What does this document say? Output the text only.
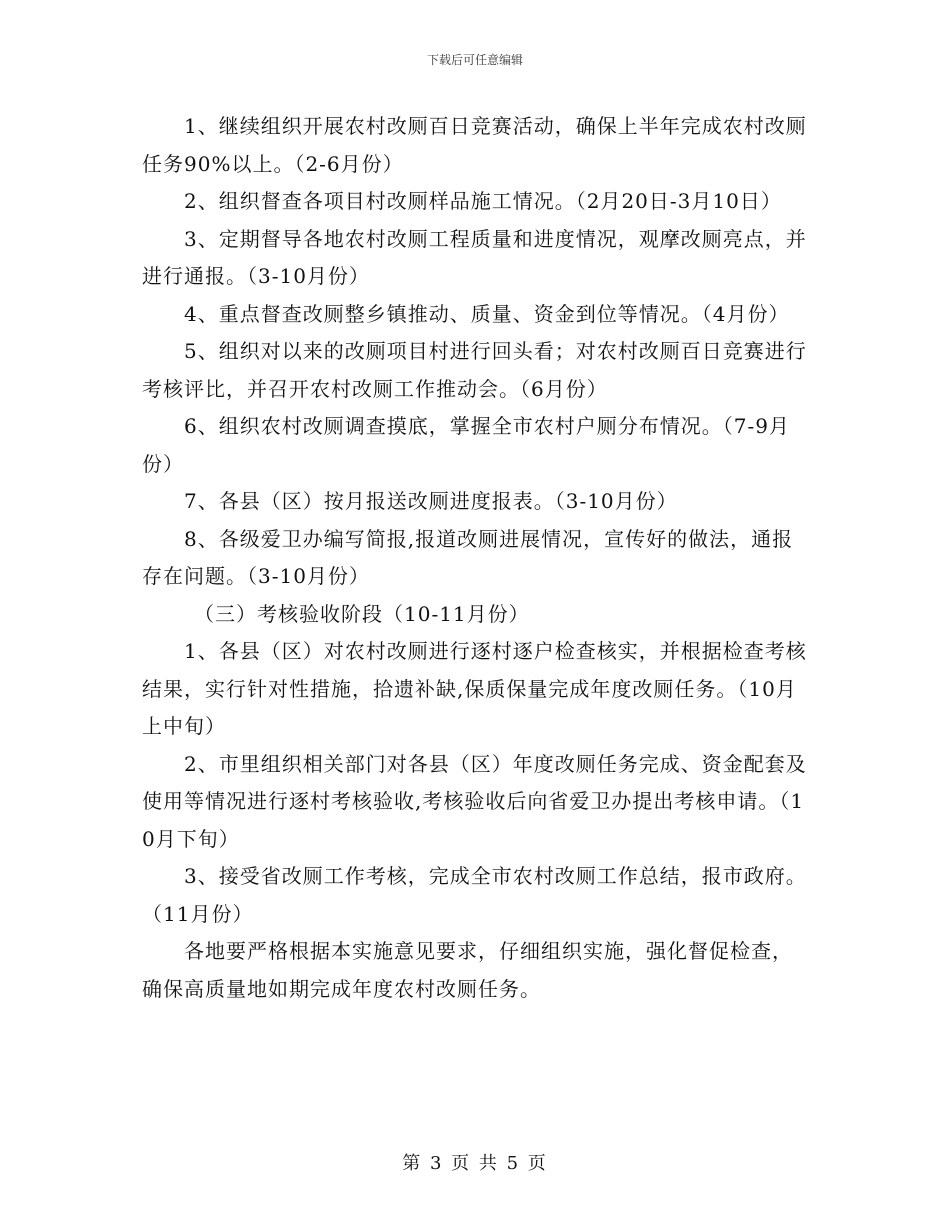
下载后可任意编辑

1、继续组织开展农村改厕百日竞赛活动，确保上半年完成农村改厕任务90%以上。（2-6月份）

2、组织督查各项目村改厕样品施工情况。（2月20日-3月10日）

3、定期督导各地农村改厕工程质量和进度情况，观摩改厕亮点，并进行通报。（3-10月份）

4、重点督查改厕整乡镇推动、质量、资金到位等情况。（4月份）

5、组织对以来的改厕项目村进行回头看；对农村改厕百日竞赛进行考核评比，并召开农村改厕工作推动会。（6月份）

6、组织农村改厕调查摸底，掌握全市农村户厕分布情况。（7-9月份）

7、各县（区）按月报送改厕进度报表。（3-10月份）

8、各级爱卫办编写简报,报道改厕进展情况，宣传好的做法，通报存在问题。（3-10月份）

（三）考核验收阶段（10-11月份）

1、各县（区）对农村改厕进行逐村逐户检查核实，并根据检查考核结果，实行针对性措施，拾遗补缺,保质保量完成年度改厕任务。（10月上中旬）

2、市里组织相关部门对各县（区）年度改厕任务完成、资金配套及使用等情况进行逐村考核验收,考核验收后向省爱卫办提出考核申请。（10月下旬）

3、接受省改厕工作考核，完成全市农村改厕工作总结，报市政府。（11月份）

各地要严格根据本实施意见要求，仔细组织实施，强化督促检查，确保高质量地如期完成年度农村改厕任务。

第 3 页 共 5 页
